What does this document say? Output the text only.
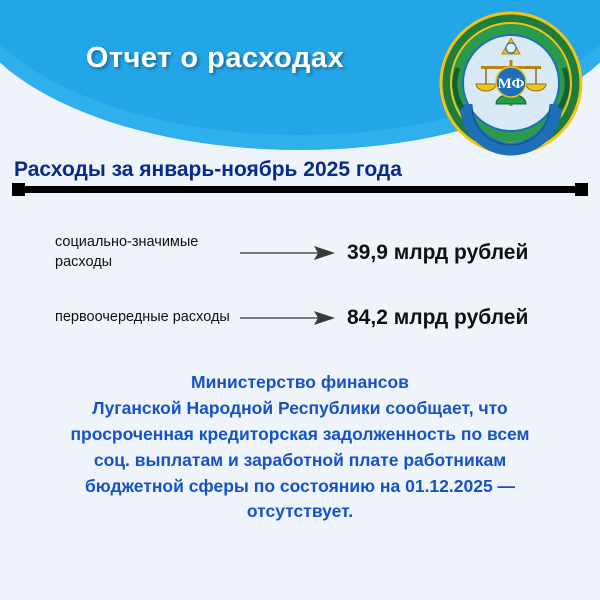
Отчет о расходах
МФ
Расходы за январь-ноябрь 2025 года
социально-значимые расходы	39,9 млрд рублей
первоочередные расходы	84,2 млрд рублей
Министерство финансов
Луганской Народной Республики сообщает, что
просроченная кредиторская задолженность по всем
соц. выплатам и заработной плате работникам
бюджетной сферы по состоянию на 01.12.2025 —
отсутствует.
